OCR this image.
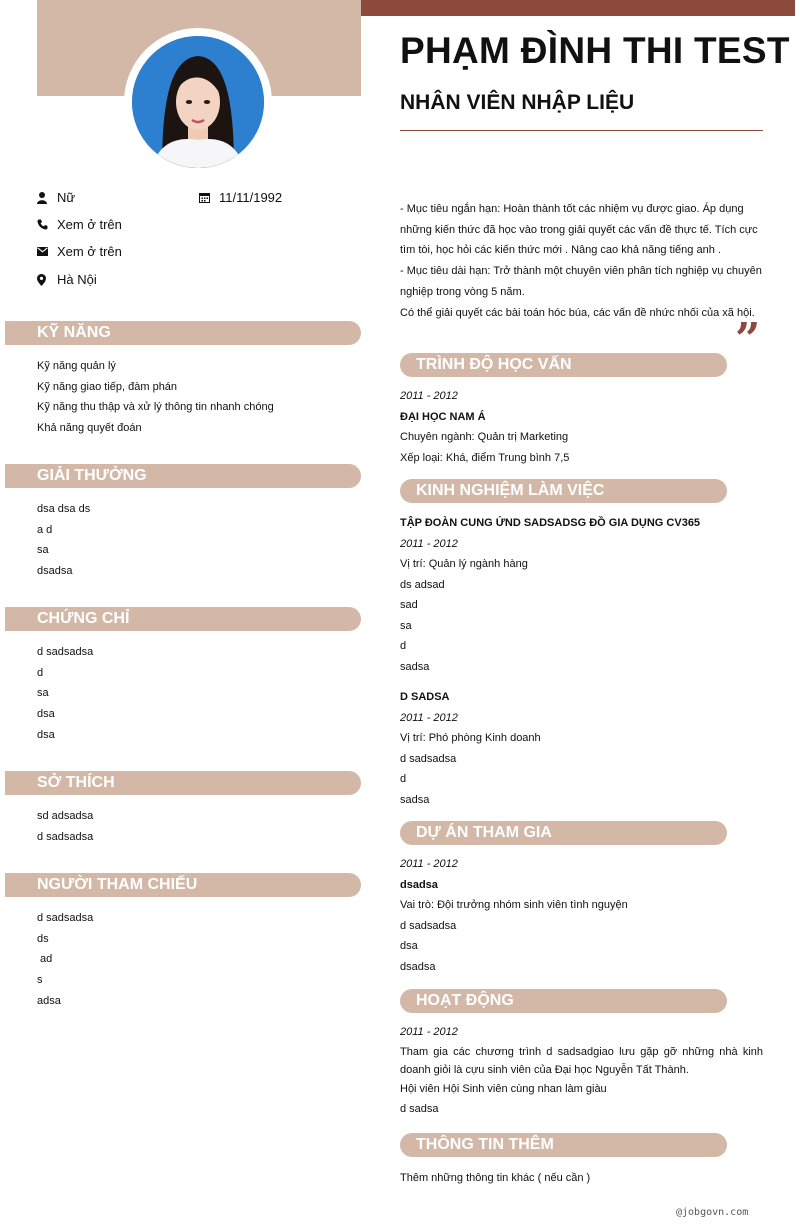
PHẠM ĐÌNH THI TEST
NHÂN VIÊN NHẬP LIỆU
Nữ	11/11/1992
Xem ở trên
Xem ở trên
Hà Nội
KỸ NĂNG
Kỹ năng quản lý
Kỹ năng giao tiếp, đàm phán
Kỹ năng thu thập và xử lý thông tin nhanh chóng
Khả năng quyết đoán
GIẢI THƯỞNG
dsa dsa ds
a d
sa
dsadsa
CHỨNG CHỈ
d sadsadsa
d
sa
dsa
dsa
SỞ THÍCH
sd adsadsa
d sadsadsa
NGƯỜI THAM CHIẾU
d sadsadsa
ds
ad
s
adsa
- Mục tiêu ngắn hạn: Hoàn thành tốt các nhiệm vụ được giao. Áp dụng những kiến thức đã học vào trong giải quyết các vấn đề thực tế. Tích cực tìm tòi, học hỏi các kiến thức mới . Nâng cao khả năng tiếng anh .
- Mục tiêu dài hạn: Trở thành một chuyên viên phân tích nghiệp vụ chuyên nghiệp trong vòng 5 năm.
Có thể giải quyết các bài toán hóc búa, các vấn đề nhức nhối của xã hội.
”
TRÌNH ĐỘ HỌC VẤN
2011 - 2012
ĐẠI HỌC NAM Á
Chuyên ngành: Quản trị Marketing
Xếp loại: Khá, điểm Trung bình 7,5
KINH NGHIỆM LÀM VIỆC
TẬP ĐOÀN CUNG ỨND SADSADSG ĐỒ GIA DỤNG CV365
2011 - 2012
Vị trí: Quản lý ngành hàng
ds adsad
sad
sa
d
sadsa
D SADSA
2011 - 2012
Vị trí: Phó phòng Kinh doanh
d sadsadsa
d
sadsa
DỰ ÁN THAM GIA
2011 - 2012
dsadsa
Vai trò: Đội trưởng nhóm sinh viên tình nguyện
d sadsadsa
dsa
dsadsa
HOẠT ĐỘNG
2011 - 2012
Tham gia các chương trình d sadsadgiao lưu gặp gỡ những nhà kinh doanh giỏi là cựu sinh viên của Đại học Nguyễn Tất Thành.
Hội viên Hội Sinh viên cùng nhan làm giàu
d sadsa
THÔNG TIN THÊM
Thêm những thông tin khác ( nếu cần )
@jobgovn.com
